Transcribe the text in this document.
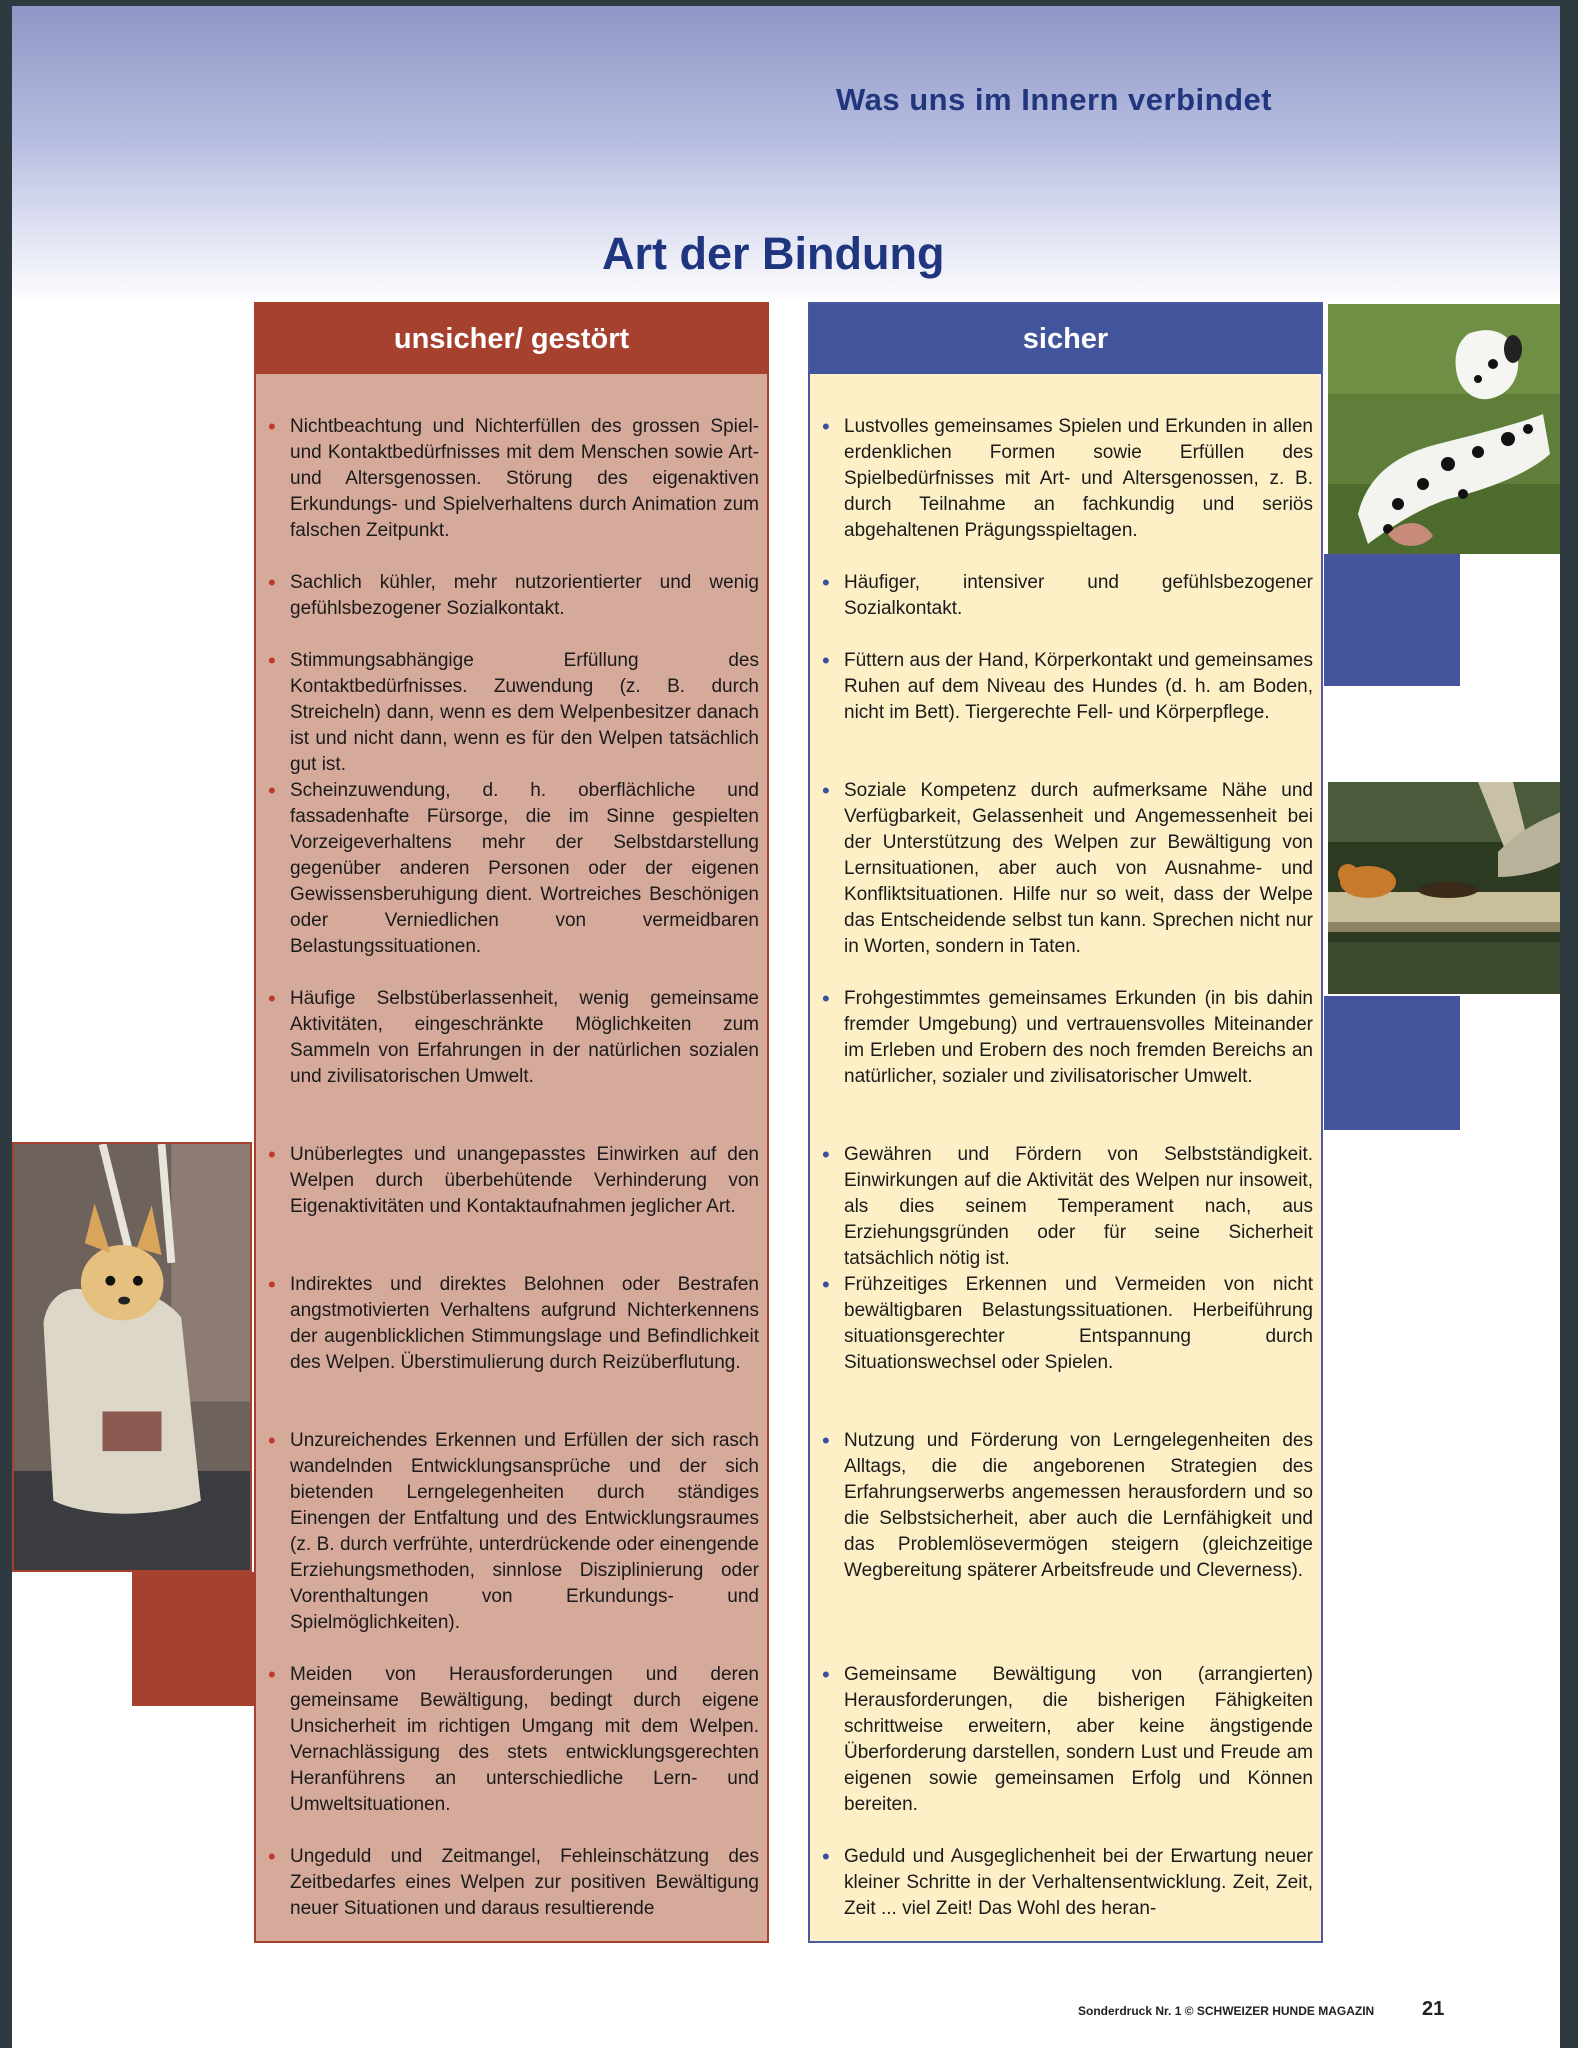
Was uns im Innern verbindet
Art der Bindung
unsicher/ gestört
• Nichtbeachtung und Nichterfüllen des grossen Spiel- und Kontaktbedürfnisses mit dem Menschen sowie Art- und Altersgenossen. Störung des eigenaktiven Erkundungs- und Spielverhaltens durch Animation zum falschen Zeitpunkt.
• Sachlich kühler, mehr nutzorientierter und wenig gefühlsbezogener Sozialkontakt.
• Stimmungsabhängige Erfüllung des Kontaktbedürfnisses. Zuwendung (z. B. durch Streicheln) dann, wenn es dem Welpenbesitzer danach ist und nicht dann, wenn es für den Welpen tatsächlich gut ist.
• Scheinzuwendung, d. h. oberflächliche und fassadenhafte Fürsorge, die im Sinne gespielten Vorzeigeverhaltens mehr der Selbstdarstellung gegenüber anderen Personen oder der eigenen Gewissensberuhigung dient. Wortreiches Beschönigen oder Verniedlichen von vermeidbaren Belastungssituationen.
• Häufige Selbstüberlassenheit, wenig gemeinsame Aktivitäten, eingeschränkte Möglichkeiten zum Sammeln von Erfahrungen in der natürlichen sozialen und zivilisatorischen Umwelt.
• Unüberlegtes und unangepasstes Einwirken auf den Welpen durch überbehütende Verhinderung von Eigenaktivitäten und Kontaktaufnahmen jeglicher Art.
• Indirektes und direktes Belohnen oder Bestrafen angstmotivierten Verhaltens aufgrund Nichterkennens der augenblicklichen Stimmungslage und Befindlichkeit des Welpen. Überstimulierung durch Reizüberflutung.
• Unzureichendes Erkennen und Erfüllen der sich rasch wandelnden Entwicklungsansprüche und der sich bietenden Lerngelegenheiten durch ständiges Einengen der Entfaltung und des Entwicklungsraumes (z. B. durch verfrühte, unterdrückende oder einengende Erziehungsmethoden, sinnlose Disziplinierung oder Vorenthaltungen von Erkundungs- und Spielmöglichkeiten).
• Meiden von Herausforderungen und deren gemeinsame Bewältigung, bedingt durch eigene Unsicherheit im richtigen Umgang mit dem Welpen. Vernachlässigung des stets entwicklungsgerechten Heranführens an unterschiedliche Lern- und Umweltsituationen.
• Ungeduld und Zeitmangel, Fehleinschätzung des Zeitbedarfes eines Welpen zur positiven Bewältigung neuer Situationen und daraus resultierende
sicher
• Lustvolles gemeinsames Spielen und Erkunden in allen erdenklichen Formen sowie Erfüllen des Spielbedürfnisses mit Art- und Altersgenossen, z. B. durch Teilnahme an fachkundig und seriös abgehaltenen Prägungsspieltagen.
• Häufiger, intensiver und gefühlsbezogener Sozialkontakt.
• Füttern aus der Hand, Körperkontakt und gemeinsames Ruhen auf dem Niveau des Hundes (d. h. am Boden, nicht im Bett). Tiergerechte Fell- und Körperpflege.
• Soziale Kompetenz durch aufmerksame Nähe und Verfügbarkeit, Gelassenheit und Angemessenheit bei der Unterstützung des Welpen zur Bewältigung von Lernsituationen, aber auch von Ausnahme- und Konfliktsituationen. Hilfe nur so weit, dass der Welpe das Entscheidende selbst tun kann. Sprechen nicht nur in Worten, sondern in Taten.
• Frohgestimmtes gemeinsames Erkunden (in bis dahin fremder Umgebung) und vertrauensvolles Miteinander im Erleben und Erobern des noch fremden Bereichs an natürlicher, sozialer und zivilisatorischer Umwelt.
• Gewähren und Fördern von Selbstständigkeit. Einwirkungen auf die Aktivität des Welpen nur insoweit, als dies seinem Temperament nach, aus Erziehungsgründen oder für seine Sicherheit tatsächlich nötig ist.
• Frühzeitiges Erkennen und Vermeiden von nicht bewältigbaren Belastungssituationen. Herbeiführung situationsgerechter Entspannung durch Situationswechsel oder Spielen.
• Nutzung und Förderung von Lerngelegenheiten des Alltags, die die angeborenen Strategien des Erfahrungserwerbs angemessen herausfordern und so die Selbstsicherheit, aber auch die Lernfähigkeit und das Problemlösevermögen steigern (gleichzeitige Wegbereitung späterer Arbeitsfreude und Cleverness).
• Gemeinsame Bewältigung von (arrangierten) Herausforderungen, die bisherigen Fähigkeiten schrittweise erweitern, aber keine ängstigende Überforderung darstellen, sondern Lust und Freude am eigenen sowie gemeinsamen Erfolg und Können bereiten.
• Geduld und Ausgeglichenheit bei der Erwartung neuer kleiner Schritte in der Verhaltensentwicklung. Zeit, Zeit, Zeit ... viel Zeit! Das Wohl des heran-
Sonderdruck Nr. 1 © SCHWEIZER HUNDE MAGAZIN 21
